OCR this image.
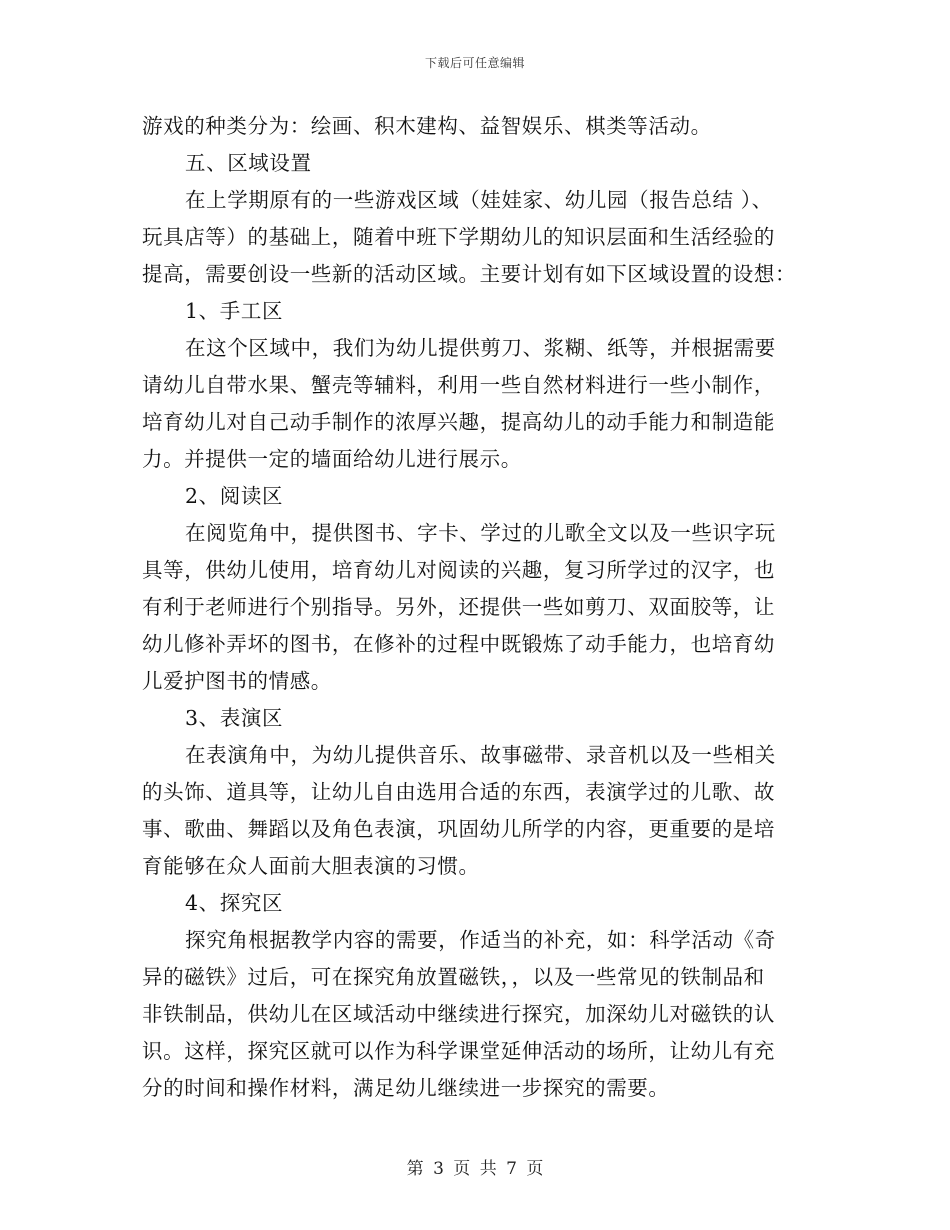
下载后可任意编辑
游戏的种类分为：绘画、积木建构、益智娱乐、棋类等活动。
五、区域设置
在上学期原有的一些游戏区域（娃娃家、幼儿园（报告总结 ）、
玩具店等）的基础上，随着中班下学期幼儿的知识层面和生活经验的
提高，需要创设一些新的活动区域。主要计划有如下区域设置的设想：
1、手工区
在这个区域中，我们为幼儿提供剪刀、浆糊、纸等，并根据需要
请幼儿自带水果、蟹壳等辅料，利用一些自然材料进行一些小制作，
培育幼儿对自己动手制作的浓厚兴趣，提高幼儿的动手能力和制造能
力。并提供一定的墙面给幼儿进行展示。
2、阅读区
在阅览角中，提供图书、字卡、学过的儿歌全文以及一些识字玩
具等，供幼儿使用，培育幼儿对阅读的兴趣，复习所学过的汉字，也
有利于老师进行个别指导。另外，还提供一些如剪刀、双面胶等，让
幼儿修补弄坏的图书，在修补的过程中既锻炼了动手能力，也培育幼
儿爱护图书的情感。
3、表演区
在表演角中，为幼儿提供音乐、故事磁带、录音机以及一些相关
的头饰、道具等，让幼儿自由选用合适的东西，表演学过的儿歌、故
事、歌曲、舞蹈以及角色表演，巩固幼儿所学的内容，更重要的是培
育能够在众人面前大胆表演的习惯。
4、探究区
探究角根据教学内容的需要，作适当的补充，如：科学活动《奇
异的磁铁》过后，可在探究角放置磁铁，，以及一些常见的铁制品和
非铁制品，供幼儿在区域活动中继续进行探究，加深幼儿对磁铁的认
识。这样，探究区就可以作为科学课堂延伸活动的场所，让幼儿有充
分的时间和操作材料，满足幼儿继续进一步探究的需要。
第 3 页 共 7 页
